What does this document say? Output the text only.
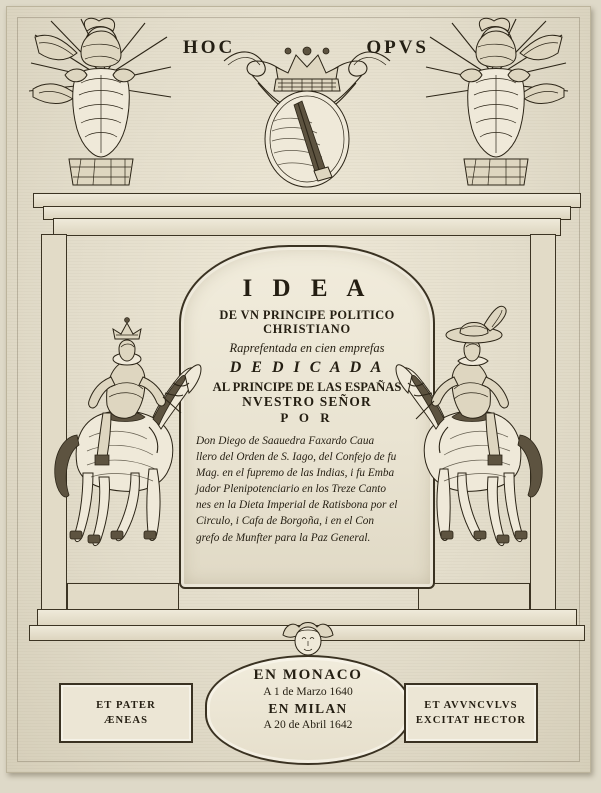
HOC	OPVS
I D E A
DE VN PRINCIPE POLITICO
CHRISTIANO
Raprefentada en cien emprefas
D E D I C A D A
AL PRINCIPE DE LAS ESPAÑAS
NVESTRO SEÑOR
P O R
Don Diego de Saauedra Faxardo Caua
llero del Orden de S. Iago, del Confejo de fu
Mag. en el fupremo de las Indias, i fu Emba
jador Plenipotenciario en los Treze Canto
nes en la Dieta Imperial de Ratisbona por el
Circulo, i Cafa de Borgoña, i en el Con
grefo de Munfter para la Paz General.
EN MONACO
A 1 de Marzo 1640
EN MILAN
A 20 de Abril 1642
ET PATER
ÆNEAS
ET AVVNCVLVS
EXCITAT HECTOR
